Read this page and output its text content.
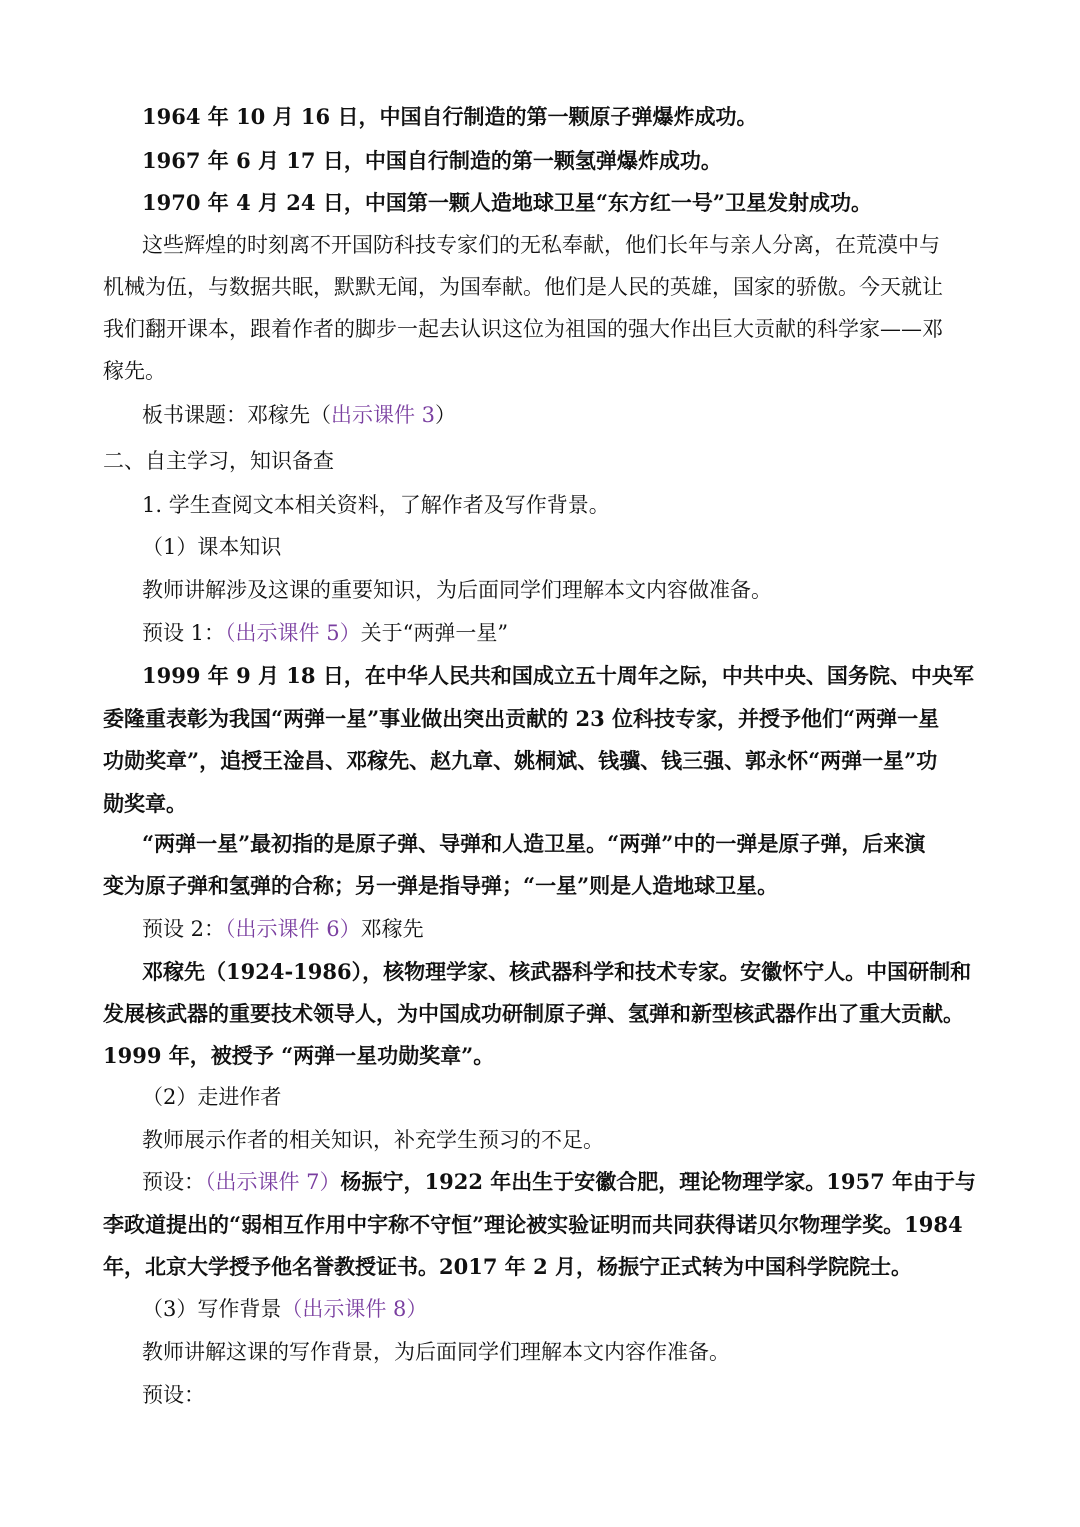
1964 年 10 月 16 日，中国自行制造的第一颗原子弹爆炸成功。
1967 年 6 月 17 日，中国自行制造的第一颗氢弹爆炸成功。
1970 年 4 月 24 日，中国第一颗人造地球卫星“东方红一号”卫星发射成功。
这些辉煌的时刻离不开国防科技专家们的无私奉献，他们长年与亲人分离，在荒漠中与
机械为伍，与数据共眠，默默无闻，为国奉献。他们是人民的英雄，国家的骄傲。今天就让
我们翻开课本，跟着作者的脚步一起去认识这位为祖国的强大作出巨大贡献的科学家——邓
稼先。
板书课题：邓稼先（出示课件 3）
二、自主学习，知识备查
1. 学生查阅文本相关资料，了解作者及写作背景。
（1）课本知识
教师讲解涉及这课的重要知识，为后面同学们理解本文内容做准备。
预设 1：（出示课件 5）关于“两弹一星”
1999 年 9 月 18 日，在中华人民共和国成立五十周年之际，中共中央、国务院、中央军
委隆重表彰为我国“两弹一星”事业做出突出贡献的 23 位科技专家，并授予他们“两弹一星
功勋奖章”，追授王淦昌、邓稼先、赵九章、姚桐斌、钱骥、钱三强、郭永怀“两弹一星”功
勋奖章。
“两弹一星”最初指的是原子弹、导弹和人造卫星。“两弹”中的一弹是原子弹，后来演
变为原子弹和氢弹的合称；另一弹是指导弹；“一星”则是人造地球卫星。
预设 2：（出示课件 6）邓稼先
邓稼先（1924-1986），核物理学家、核武器科学和技术专家。安徽怀宁人。中国研制和
发展核武器的重要技术领导人，为中国成功研制原子弹、氢弹和新型核武器作出了重大贡献。
1999 年，被授予 “两弹一星功勋奖章”。
（2）走进作者
教师展示作者的相关知识，补充学生预习的不足。
预设：（出示课件 7）杨振宁，1922 年出生于安徽合肥，理论物理学家。1957 年由于与
李政道提出的“弱相互作用中宇称不守恒”理论被实验证明而共同获得诺贝尔物理学奖。1984
年，北京大学授予他名誉教授证书。2017 年 2 月，杨振宁正式转为中国科学院院士。
（3）写作背景（出示课件 8）
教师讲解这课的写作背景，为后面同学们理解本文内容作准备。
预设：
